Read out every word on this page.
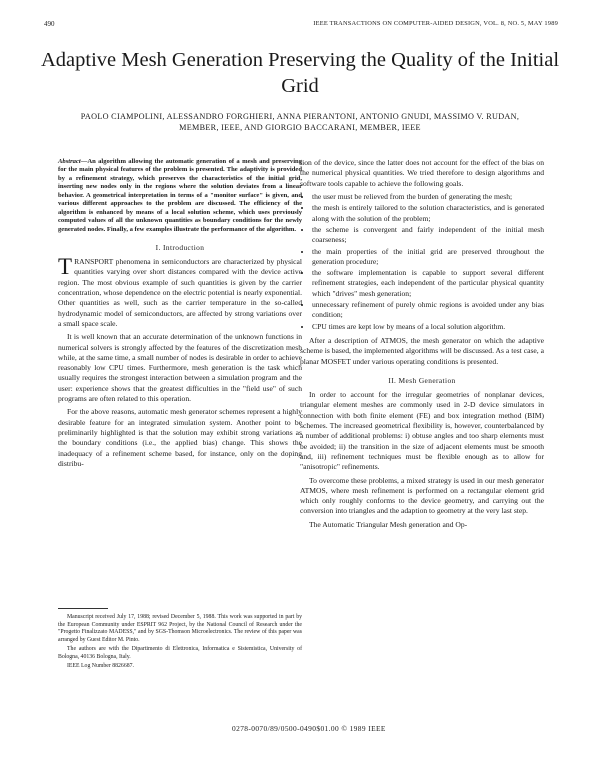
490	IEEE TRANSACTIONS ON COMPUTER-AIDED DESIGN, VOL. 8, NO. 5, MAY 1989
Adaptive Mesh Generation Preserving the Quality of the Initial Grid
PAOLO CIAMPOLINI, ALESSANDRO FORGHIERI, ANNA PIERANTONI, ANTONIO GNUDI, MASSIMO V. RUDAN, MEMBER, IEEE, AND GIORGIO BACCARANI, MEMBER, IEEE
Abstract—An algorithm allowing the automatic generation of a mesh and preserving for the main physical features of the problem is presented. The adaptivity is provided by a refinement strategy, which preserves the characteristics of the initial grid, inserting new nodes only in the regions where the solution deviates from a linear behavior. A geometrical interpretation in terms of a "monitor surface" is given, and various different approaches to the problem are discussed. The efficiency of the algorithm is enhanced by means of a local solution scheme, which uses previously computed values of all the unknown quantities as boundary conditions for the newly generated nodes. Finally, a few examples illustrate the performance of the algorithm.
I. Introduction

TRANSPORT phenomena in semiconductors are characterized by physical quantities varying over short distances compared with the device active region. The most obvious example of such quantities is given by the carrier concentration, whose dependence on the electric potential is nearly exponential. Other quantities as well, such as the carrier temperature in the so-called hydrodynamic model of semiconductors, are affected by strong variations over a small space scale.

It is well known that an accurate determination of the unknown functions in numerical solvers is strongly affected by the features of the discretization mesh while, at the same time, a small number of nodes is desirable in order to achieve reasonably low CPU times. Furthermore, mesh generation is the task which usually requires the strongest interaction between a simulation program and the user: experience shows that the greatest difficulties in the "field use" of such programs are often related to this operation.

For the above reasons, automatic mesh generator schemes represent a highly desirable feature for an integrated simulation system. Another point to be preliminarily highlighted is that the solution may exhibit strong variations as the boundary conditions (i.e., the applied bias) change. This shows the inadequacy of a refinement scheme based, for instance, only on the doping distribu-

Manuscript received July 17, 1988; revised December 5, 1988. This work was supported in part by the European Community under ESPRIT 962 Project, by the National Council of Research under the "Progetto Finalizzato MADESS," and by SGS-Thomson Microelectronics. The review of this paper was arranged by Guest Editor M. Pinto.

The authors are with the Dipartimento di Elettronica, Informatica e Sistemistica, University of Bologna, 40136 Bologna, Italy.

IEEE Log Number 8826687.

tion of the device, since the latter does not account for the effect of the bias on the numerical physical quantities. We tried therefore to design algorithms and software tools capable to achieve the following goals.

• the user must be relieved from the burden of generating the mesh;
• the mesh is entirely tailored to the solution characteristics, and is generated along with the solution of the problem;
• the scheme is convergent and fairly independent of the initial mesh coarseness;
• the main properties of the initial grid are preserved throughout the generation procedure;
• the software implementation is capable to support several different refinement strategies, each independent of the particular physical quantity which "drives" mesh generation;
• unnecessary refinement of purely ohmic regions is avoided under any bias condition;
• CPU times are kept low by means of a local solution algorithm.

After a description of ATMOS, the mesh generator on which the adaptive scheme is based, the implemented algorithms will be discussed. As a test case, a planar MOSFET under various operating conditions is presented.

II. Mesh Generation

In order to account for the irregular geometries of nonplanar devices, triangular element meshes are commonly used in 2-D device simulators in connection with both finite element (FE) and box integration method (BIM) schemes. The increased geometrical flexibility is, however, counterbalanced by a number of additional problems: i) obtuse angles and too sharp elements must be avoided; ii) the transition in the size of adjacent elements must be smooth and, iii) refinement techniques must be flexible enough as to allow for "anisotropic" refinements.

To overcome these problems, a mixed strategy is used in our mesh generator ATMOS, where mesh refinement is performed on a rectangular element grid which only roughly conforms to the device geometry, and carrying out the conversion into triangles and the adaption to geometry at the very last step.

The Automatic Triangular Mesh generation and Op-

0278-0070/89/0500-0490$01.00 © 1989 IEEE
